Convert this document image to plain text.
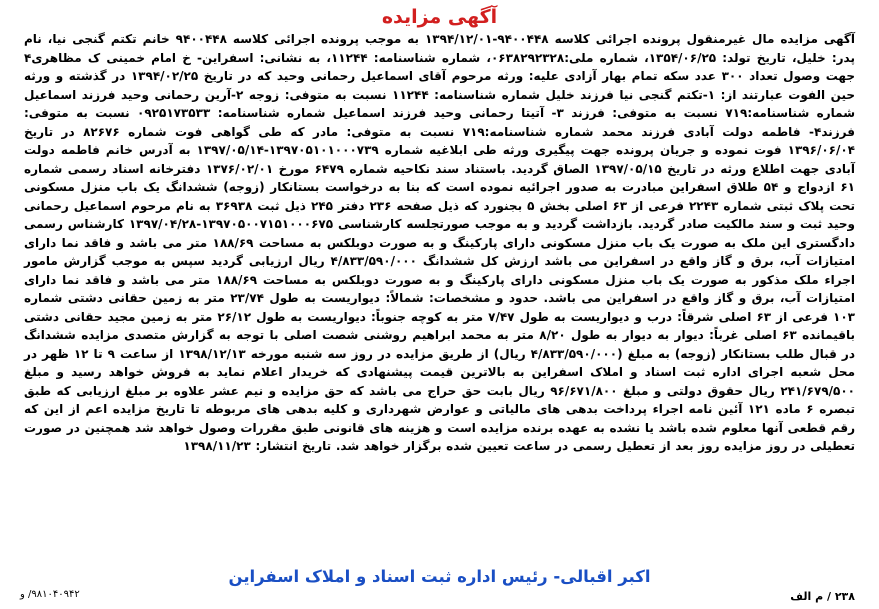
آگهی مزایده

آگهی مزایده مال غیرمنقول پرونده اجرائی کلاسه ۹۴۰۰۴۴۸-۱۳۹۴/۱۲/۰۱ به موجب پرونده اجرائی کلاسه ۹۴۰۰۴۴۸ خانم تکتم گنجی نیا، نام پدر: خلیل، تاریخ تولد: ۱۳۵۴/۰۶/۲۵، شماره ملی:۰۶۳۸۲۹۲۳۲۸، شماره شناسنامه: ۱۱۲۴۴، به نشانی: اسفراین- خ امام خمینی ک مظاهری۴ جهت وصول تعداد ۳۰۰ عدد سکه تمام بهار آزادی علیه: ورثه مرحوم آقای اسماعیل رحمانی وحید که در تاریخ ۱۳۹۴/۰۲/۲۵ در گذشته و ورثه حین الفوت عبارتند از: ۱-تکتم گنجی نیا فرزند خلیل شماره شناسنامه: ۱۱۲۴۴ نسبت به متوفی: زوجه ۲-آرین رحمانی وحید فرزند اسماعیل شماره شناسنامه:۷۱۹ نسبت به متوفی: فرزند ۳- آتیتا رحمانی وحید فرزند اسماعیل شماره شناسنامه: ۰۹۲۵۱۷۳۵۳۳ نسبت به متوفی: فرزند۴- فاطمه دولت آبادی فرزند محمد شماره شناسنامه:۷۱۹ نسبت به متوفی: مادر که طی گواهی فوت شماره ۸۲۶۷۶ در تاریخ ۱۳۹۶/۰۶/۰۴ فوت نموده و جریان پرونده جهت پیگیری ورثه طی ابلاغیه شماره ۱۳۹۷۰۵۱۰۱۰۰۰۷۳۹-۱۳۹۷/۰۵/۱۴ به آدرس خانم فاطمه دولت آبادی جهت اطلاع ورثه در تاریخ ۱۳۹۷/۰۵/۱۵ الصاق گردید. باستناد سند نکاحیه شماره ۶۴۷۹ مورخ ۱۳۷۶/۰۲/۰۱ دفترخانه اسناد رسمی شماره ۶۱ ازدواج و ۵۴ طلاق اسفراین مبادرت به صدور اجرائیه نموده است که بنا به درخواست بستانکار (زوجه) ششدانگ یک باب منزل مسکونی تحت پلاک ثبتی شماره ۲۲۴۳ فرعی از ۶۳ اصلی بخش ۵ بجنورد که ذیل صفحه ۲۳۶ دفتر ۲۴۵ ذیل ثبت ۳۶۹۳۸ به نام مرحوم اسماعیل رحمانی وحید ثبت و سند مالکیت صادر گردید. بازداشت گردید و به موجب صورتجلسه کارشناسی ۱۳۹۷۰۵۰۰۷۱۵۱۰۰۰۶۷۵-۱۳۹۷/۰۴/۲۸ کارشناس رسمی دادگستری این ملک به صورت یک باب منزل مسکونی دارای پارکینگ و به صورت دوبلکس به مساحت ۱۸۸/۶۹ متر می باشد و فاقد نما دارای امتیازات آب، برق و گاز واقع در اسفراین می باشد ارزش کل ششدانگ ۴/۸۳۳/۵۹۰/۰۰۰ ریال ارزیابی گردید سپس به موجب گزارش مامور اجراء ملک مذکور به صورت یک باب منزل مسکونی دارای پارکینگ و به صورت دوبلکس به مساحت ۱۸۸/۶۹ متر می باشد و فاقد نما دارای امتیازات آب، برق و گاز واقع در اسفراین می باشد. حدود و مشخصات: شمالاً: دیواریست به طول ۲۳/۷۴ متر به زمین حقانی دشتی شماره ۱۰۳ فرعی از ۶۳ اصلی شرقاً: درب و دیواریست به طول ۷/۴۷ متر به کوچه جنوباً: دیواریست به طول ۲۶/۱۲ متر به زمین مجید حقانی دشتی باقیمانده ۶۳ اصلی غرباً: دیوار به دیوار به طول ۸/۲۰ متر به محمد ابراهیم روشنی شصت اصلی با توجه به گزارش متصدی مزایده ششدانگ در قبال طلب بستانکار (زوجه) به مبلغ (۴/۸۳۳/۵۹۰/۰۰۰ ریال) از طریق مزایده در روز سه شنبه مورخه ۱۳۹۸/۱۲/۱۳ از ساعت ۹ تا ۱۲ ظهر در محل شعبه اجرای اداره ثبت اسناد و املاک اسفراین به بالاترین قیمت پیشنهادی که خریدار اعلام نماید به فروش خواهد رسید و مبلغ ۲۴۱/۶۷۹/۵۰۰ ریال حقوق دولتی و مبلغ ۹۶/۶۷۱/۸۰۰ ریال بابت حق حراج می باشد که حق مزایده و نیم عشر علاوه بر مبلغ ارزیابی که طبق تبصره ۶ ماده ۱۲۱ آئین نامه اجراء پرداخت بدهی های مالیاتی و عوارض شهرداری و کلیه بدهی های مربوطه تا تاریخ مزایده اعم از این که رقم قطعی آنها معلوم شده باشد یا نشده به عهده برنده مزایده است و هزینه های قانونی طبق مقررات وصول خواهد شد همچنین در صورت تعطیلی در روز مزایده روز بعد از تعطیل رسمی در ساعت تعیین شده برگزار خواهد شد. تاریخ انتشار: ۱۳۹۸/۱۱/۲۳

اکبر اقبالی- رئیس اداره ثبت اسناد و املاک اسفراین
۹۸۱۰۴۰۹۴۲/ و	۲۳۸ / م الف
